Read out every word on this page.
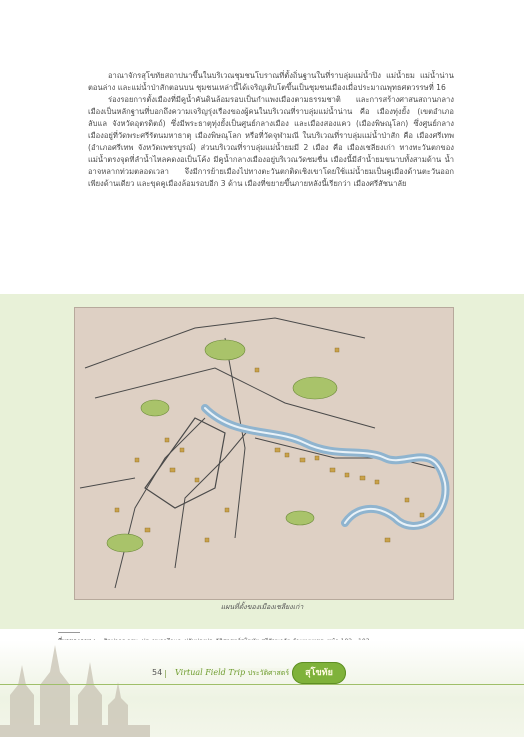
อาณาจักรสุโขทัยสถาปนาขึ้นในบริเวณชุมชนโบราณที่ตั้งถิ่นฐานในที่ราบลุ่มแม่น้ำปิง แม่น้ำยม แม่น้ำน่านตอนล่าง และแม่น้ำป่าสักตอนบน ชุมชนเหล่านี้ได้เจริญเติบโตขึ้นเป็นชุมชนเมืองเมื่อประมาณพุทธศตวรรษที่ 16

ร่องรอยการตั้งเมืองที่มีคูน้ำคันดินล้อมรอบเป็นกำแพงเมืองตามธรรมชาติ และการสร้างศาสนสถานกลางเมืองเป็นหลักฐานที่บอกถึงความเจริญรุ่งเรืองของผู้คนในบริเวณที่ราบลุ่มแม่น้ำน่าน คือ เมืองทุ่งยั้ง (เขตอำเภอลับแล จังหวัดอุตรดิตถ์) ซึ่งมีพระธาตุทุ่งยั้งเป็นศูนย์กลางเมือง และเมืองสองแคว (เมืองพิษณุโลก) ซึ่งศูนย์กลางเมืองอยู่ที่วัดพระศรีรัตนมหาธาตุ เมืองพิษณุโลก หรือที่วัดจุฬามณี ในบริเวณที่ราบลุ่มแม่น้ำป่าสัก คือ เมืองศรีเทพ (อำเภอศรีเทพ จังหวัดเพชรบูรณ์) ส่วนบริเวณที่ราบลุ่มแม่น้ำยมมี 2 เมือง คือ เมืองเชลียงเก่า ทางทะวันตกของแม่น้ำตรงจุดที่ลำน้ำไหลคดงอเป็นโค้ง มีคูน้ำกลางเมืองอยู่บริเวณวัดชมชื่น เมืองนี้มีลำน้ำยมขนาบทั้งสามด้าน น้ำอาจหลากท่วมตลอดเวลา จึงมีการย้ายเมืองไปทางตะวันตกติดเชิงเขาโดยใช้แม่น้ำยมเป็นคูเมืองด้านตะวันออกเพียงด้านเดียว และขุดคูเมืองล้อมรอบอีก 3 ด้าน เมืองที่ขยายขึ้นภายหลังนี้เรียกว่า เมืองศรีสัชนาลัย

แผนที่ตั้งของเมืองเชลียงเก่า
54 |	Virtual Field Trip ประวัติศาสตร์	สุโขทัย
